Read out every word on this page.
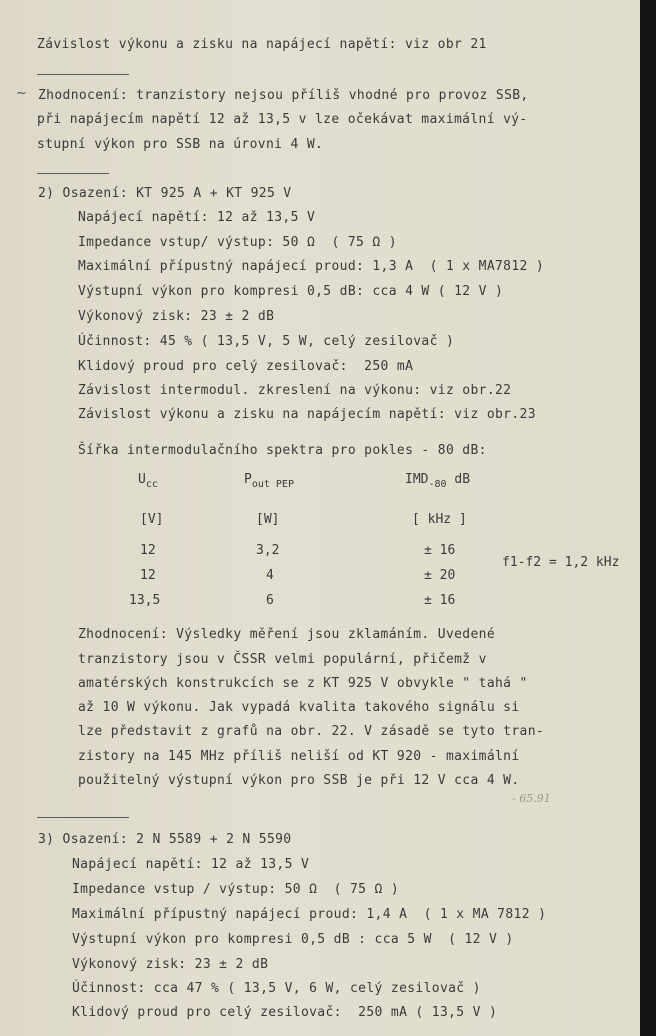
Závislost výkonu a zisku na napájecí napětí: viz obr 21
~ Zhodnocení: tranzistory nejsou příliš vhodné pro provoz SSB,
při napájecím napětí 12 až 13,5 v lze očekávat maximální vý-
stupní výkon pro SSB na úrovni 4 W.
2) Osazení: KT 925 A + KT 925 V
Napájecí napětí: 12 až 13,5 V
Impedance vstup/ výstup: 50 Ω  ( 75 Ω )
Maximální přípustný napájecí proud: 1,3 A  ( 1 x MA7812 )
Výstupní výkon pro kompresi 0,5 dB: cca 4 W ( 12 V )
Výkonový zisk: 23 ± 2 dB
Účinnost: 45 % ( 13,5 V, 5 W, celý zesilovač )
Klidový proud pro celý zesilovač:  250 mA
Závislost intermodul. zkreslení na výkonu: viz obr.22
Závislost výkonu a zisku na napájecím napětí: viz obr.23
Šířka intermodulačního spektra pro pokles - 80 dB:
$U_{cc}$	$P_{out PEP}$	$IMD_{-80}$ dB
[V]	[W]	[ kHz ]
12	3,2	± 16
12	4	± 20
13,5	6	± 16
f1-f2 = 1,2 kHz
Zhodnocení: Výsledky měření jsou zklamáním. Uvedené
tranzistory jsou v ČSSR velmi populární, přičemž v
amatérských konstrukcích se z KT 925 V obvykle " tahá "
až 10 W výkonu. Jak vypadá kvalita takového signálu si
lze představit z grafů na obr. 22. V zásadě se tyto tran-
zistory na 145 MHz příliš neliší od KT 920 - maximální
použitelný výstupní výkon pro SSB je při 12 V cca 4 W.
- 65.91
3) Osazení: 2 N 5589 + 2 N 5590
Napájecí napětí: 12 až 13,5 V
Impedance vstup / výstup: 50 Ω  ( 75 Ω )
Maximální přípustný napájecí proud: 1,4 A  ( 1 x MA 7812 )
Výstupní výkon pro kompresi 0,5 dB : cca 5 W  ( 12 V )
Výkonový zisk: 23 ± 2 dB
Účinnost: cca 47 % ( 13,5 V, 6 W, celý zesilovač )
Klidový proud pro celý zesilovač:  250 mA ( 13,5 V )
